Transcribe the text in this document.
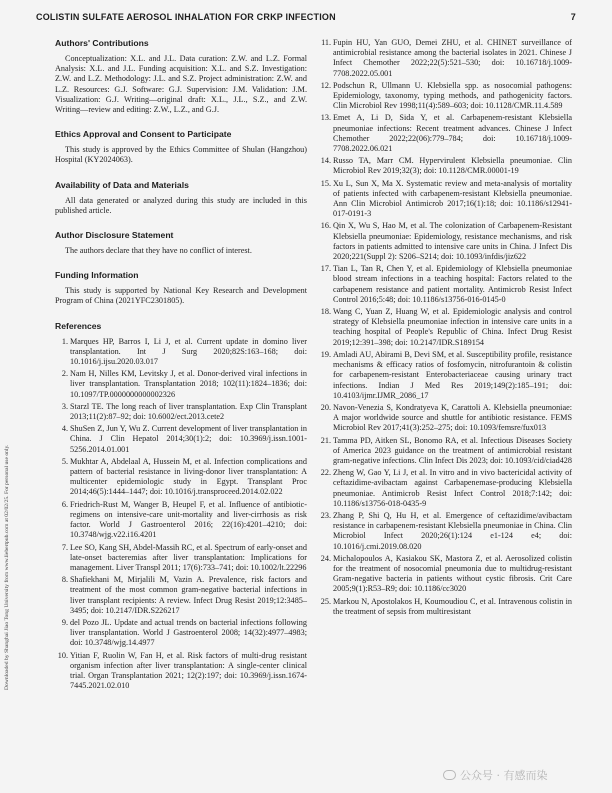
COLISTIN SULFATE AEROSOL INHALATION FOR CRKP INFECTION	7
Downloaded by Shanghai Jiao Tong University from www.liebertpub.com at 02/02/25. For personal use only.
Authors' Contributions

Conceptualization: X.L. and J.L. Data curation: Z.W. and L.Z. Formal Analysis: X.L. and J.L. Funding acquisition: X.L. and S.Z. Investigation: Z.W. and L.Z. Methodology: J.L. and S.Z. Project administration: Z.W. and L.Z. Resources: G.J. Software: G.J. Supervision: J.M. Validation: J.M. Visualization: G.J. Writing—original draft: X.L., J.L., S.Z., and Z.W. Writing—review and editing: Z.W., L.Z., and G.J.

Ethics Approval and Consent to Participate

This study is approved by the Ethics Committee of Shulan (Hangzhou) Hospital (KY2024063).

Availability of Data and Materials

All data generated or analyzed during this study are included in this published article.

Author Disclosure Statement

The authors declare that they have no conflict of interest.

Funding Information

This study is supported by National Key Research and Development Program of China (2021YFC2301805).

References
1. Marques HP, Barros I, Li J, et al. Current update in domino liver transplantation. Int J Surg 2020;82S:163–168; doi: 10.1016/j.ijsu.2020.03.017
2. Nam H, Nilles KM, Levitsky J, et al. Donor-derived viral infections in liver transplantation. Transplantation 2018; 102(11):1824–1836; doi: 10.1097/TP.0000000000002326
3. Starzl TE. The long reach of liver transplantation. Exp Clin Transplant 2013;11(2):87–92; doi: 10.6002/ect.2013.cete2
4. ShuSen Z, Jun Y, Wu Z. Current development of liver transplantation in China. J Clin Hepatol 2014;30(1):2; doi: 10.3969/j.issn.1001-5256.2014.01.001
5. Mukhtar A, Abdelaal A, Hussein M, et al. Infection complications and pattern of bacterial resistance in living-donor liver transplantation: A multicenter epidemiologic study in Egypt. Transplant Proc 2014;46(5):1444–1447; doi: 10.1016/j.transproceed.2014.02.022
6. Friedrich-Rust M, Wanger B, Heupel F, et al. Influence of antibiotic-regimens on intensive-care unit-mortality and liver-cirrhosis as risk factor. World J Gastroenterol 2016; 22(16):4201–4210; doi: 10.3748/wjg.v22.i16.4201
7. Lee SO, Kang SH, Abdel-Massih RC, et al. Spectrum of early-onset and late-onset bacteremias after liver transplantation: Implications for management. Liver Transpl 2011; 17(6):733–741; doi: 10.1002/lt.22296
8. Shafiekhani M, Mirjalili M, Vazin A. Prevalence, risk factors and treatment of the most common gram-negative bacterial infections in liver transplant recipients: A review. Infect Drug Resist 2019;12:3485–3495; doi: 10.2147/IDR.S226217
9. del Pozo JL. Update and actual trends on bacterial infections following liver transplantation. World J Gastroenterol 2008; 14(32):4977–4983; doi: 10.3748/wjg.14.4977
10. Yitian F, Ruolin W, Fan H, et al. Risk factors of multi-drug resistant organism infection after liver transplantation: A single-center clinical trial. Organ Transplantation 2021; 12(2):197; doi: 10.3969/j.issn.1674-7445.2021.02.010
11. Fupin HU, Yan GUO, Demei ZHU, et al. CHINET surveillance of antimicrobial resistance among the bacterial isolates in 2021. Chinese J Infect Chemother 2022;22(5):521–530; doi: 10.16718/j.1009-7708.2022.05.001
12. Podschun R, Ullmann U. Klebsiella spp. as nosocomial pathogens: Epidemiology, taxonomy, typing methods, and pathogenicity factors. Clin Microbiol Rev 1998;11(4):589–603; doi: 10.1128/CMR.11.4.589
13. Emet A, Li D, Sida Y, et al. Carbapenem-resistant Klebsiella pneumoniae infections: Recent treatment advances. Chinese J Infect Chemother 2022;22(06):779–784; doi: 10.16718/j.1009-7708.2022.06.021
14. Russo TA, Marr CM. Hypervirulent Klebsiella pneumoniae. Clin Microbiol Rev 2019;32(3); doi: 10.1128/CMR.00001-19
15. Xu L, Sun X, Ma X. Systematic review and meta-analysis of mortality of patients infected with carbapenem-resistant Klebsiella pneumoniae. Ann Clin Microbiol Antimicrob 2017;16(1):18; doi: 10.1186/s12941-017-0191-3
16. Qin X, Wu S, Hao M, et al. The colonization of Carbapenem-Resistant Klebsiella pneumoniae: Epidemiology, resistance mechanisms, and risk factors in patients admitted to intensive care units in China. J Infect Dis 2020;221(Suppl 2): S206–S214; doi: 10.1093/infdis/jiz622
17. Tian L, Tan R, Chen Y, et al. Epidemiology of Klebsiella pneumoniae blood stream infections in a teaching hospital: Factors related to the carbapenem resistance and patient mortality. Antimicrob Resist Infect Control 2016;5:48; doi: 10.1186/s13756-016-0145-0
18. Wang C, Yuan Z, Huang W, et al. Epidemiologic analysis and control strategy of Klebsiella pneumoniae infection in intensive care units in a teaching hospital of People's Republic of China. Infect Drug Resist 2019;12:391–398; doi: 10.2147/IDR.S189154
19. Amladi AU, Abirami B, Devi SM, et al. Susceptibility profile, resistance mechanisms & efficacy ratios of fosfomycin, nitrofurantoin & colistin for carbapenem-resistant Enterobacteriaceae causing urinary tract infections. Indian J Med Res 2019;149(2):185–191; doi: 10.4103/ijmr.IJMR_2086_17
20. Navon-Venezia S, Kondratyeva K, Carattoli A. Klebsiella pneumoniae: A major worldwide source and shuttle for antibiotic resistance. FEMS Microbiol Rev 2017;41(3):252–275; doi: 10.1093/femsre/fux013
21. Tamma PD, Aitken SL, Bonomo RA, et al. Infectious Diseases Society of America 2023 guidance on the treatment of antimicrobial resistant gram-negative infections. Clin Infect Dis 2023; doi: 10.1093/cid/ciad428
22. Zheng W, Gao Y, Li J, et al. In vitro and in vivo bactericidal activity of ceftazidime-avibactam against Carbapenemase-producing Klebsiella pneumoniae. Antimicrob Resist Infect Control 2018;7:142; doi: 10.1186/s13756-018-0435-9
23. Zhang P, Shi Q, Hu H, et al. Emergence of ceftazidime/avibactam resistance in carbapenem-resistant Klebsiella pneumoniae in China. Clin Microbiol Infect 2020;26(1):124 e1-124 e4; doi: 10.1016/j.cmi.2019.08.020
24. Michalopoulos A, Kasiakou SK, Mastora Z, et al. Aerosolized colistin for the treatment of nosocomial pneumonia due to multidrug-resistant Gram-negative bacteria in patients without cystic fibrosis. Crit Care 2005;9(1):R53–R9; doi: 10.1186/cc3020
25. Markou N, Apostolakos H, Koumoudiou C, et al. Intravenous colistin in the treatment of sepsis from multiresistant
公众号 · 有感而染
